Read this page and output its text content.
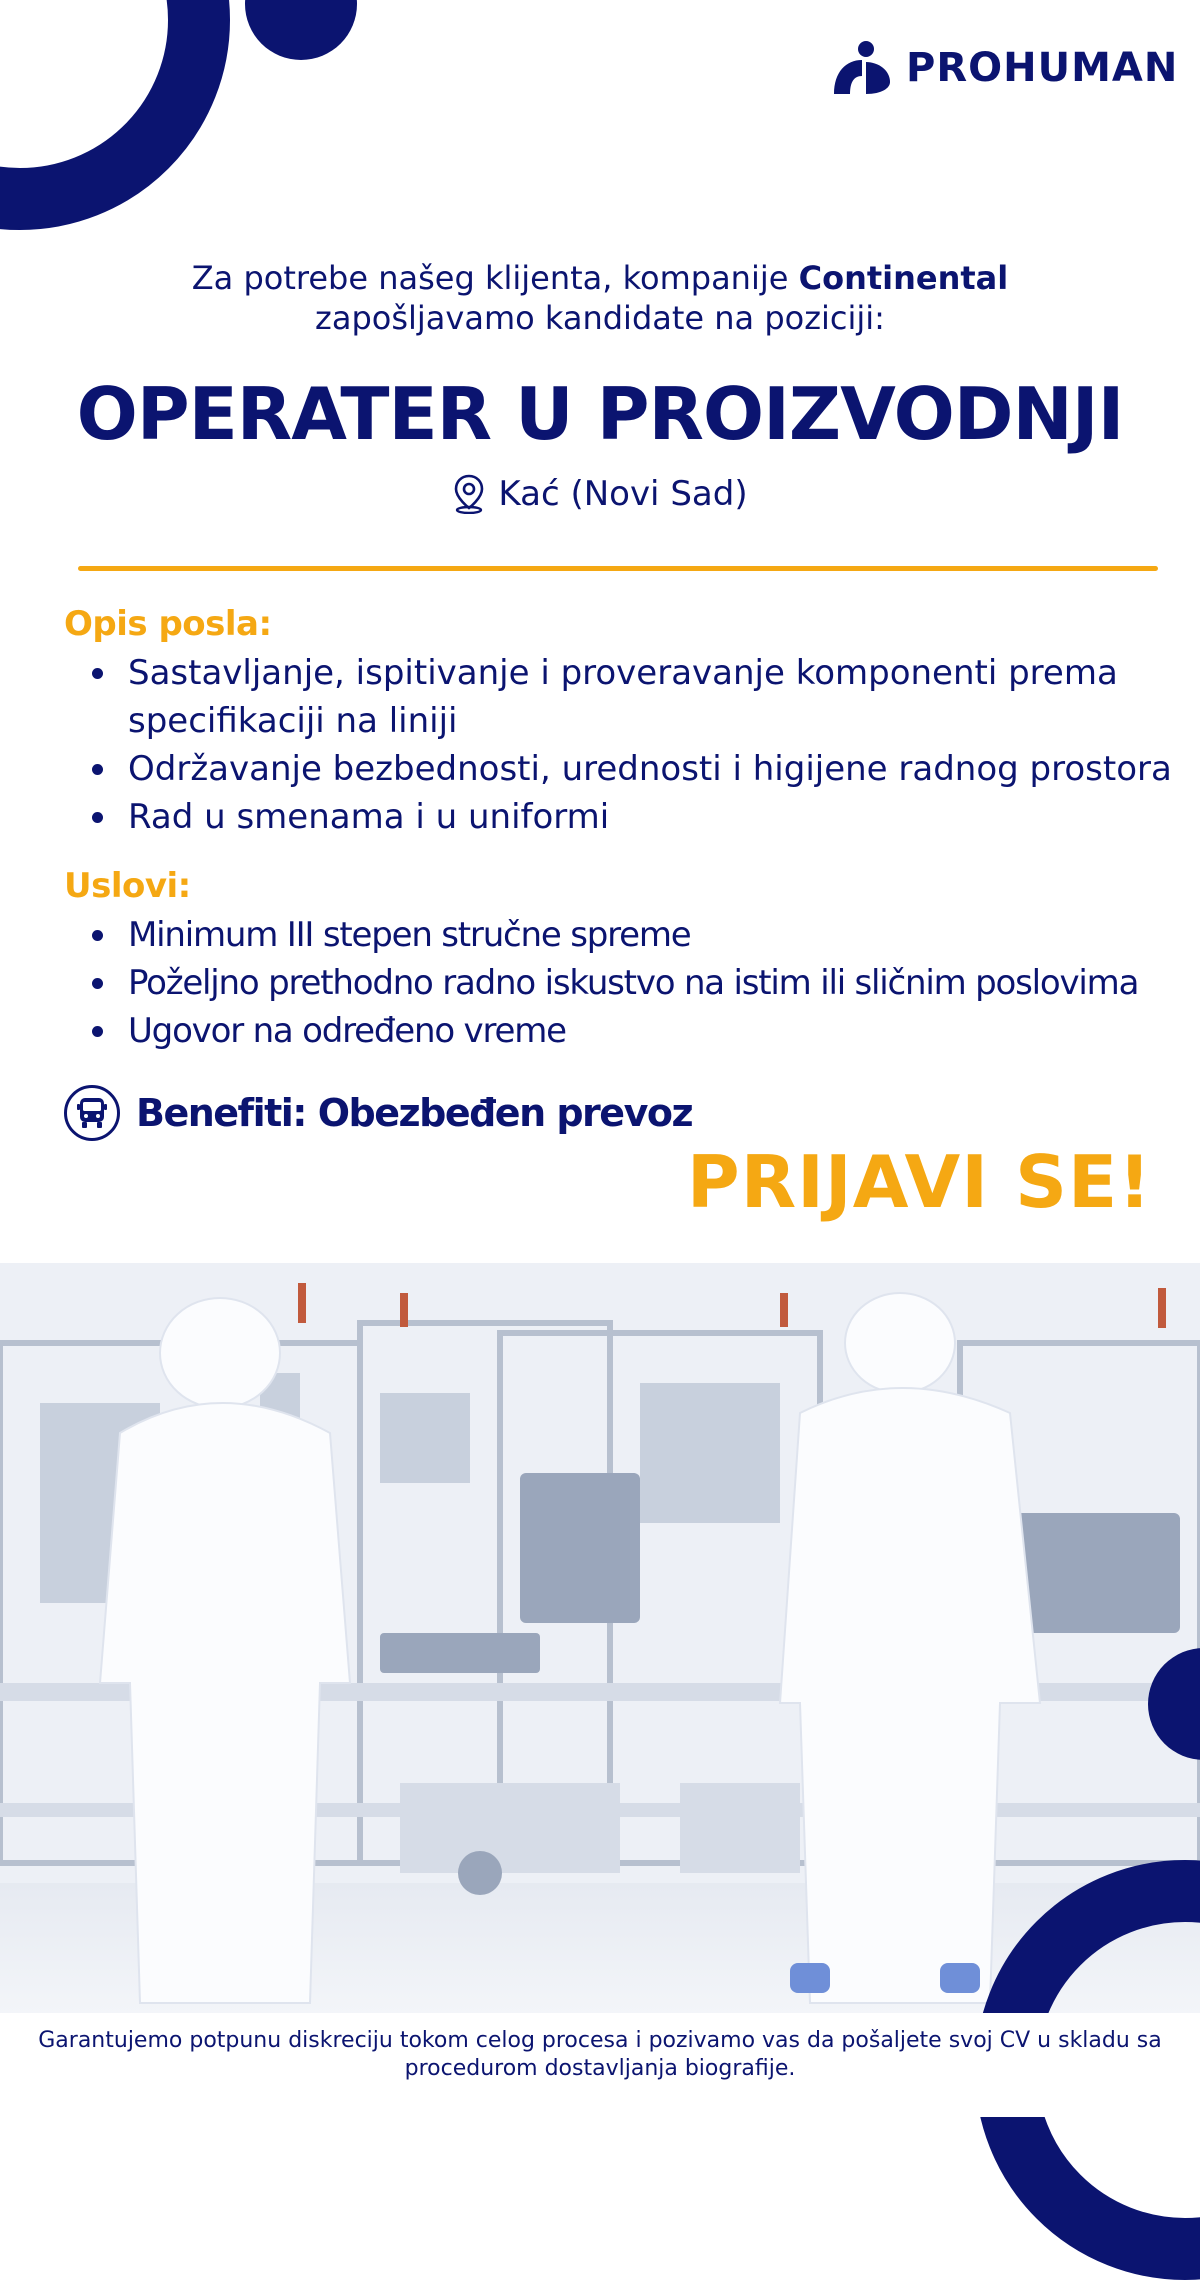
PROHUMAN
Za potrebe našeg klijenta, kompanije Continental
zapošljavamo kandidate na poziciji:
OPERATER U PROIZVODNJI
Kać (Novi Sad)
Opis posla:
Sastavljanje, ispitivanje i proveravanje komponenti prema specifikaciji na liniji
Održavanje bezbednosti, urednosti i higijene radnog prostora
Rad u smenama i u uniformi
Uslovi:
Minimum III stepen stručne spreme
Poželjno prethodno radno iskustvo na istim ili sličnim poslovima
Ugovor na određeno vreme
Benefiti: Obezbeđen prevoz
PRIJAVI SE!
Garantujemo potpunu diskreciju tokom celog procesa i pozivamo vas da pošaljete svoj CV u skladu sa procedurom dostavljanja biografije.
